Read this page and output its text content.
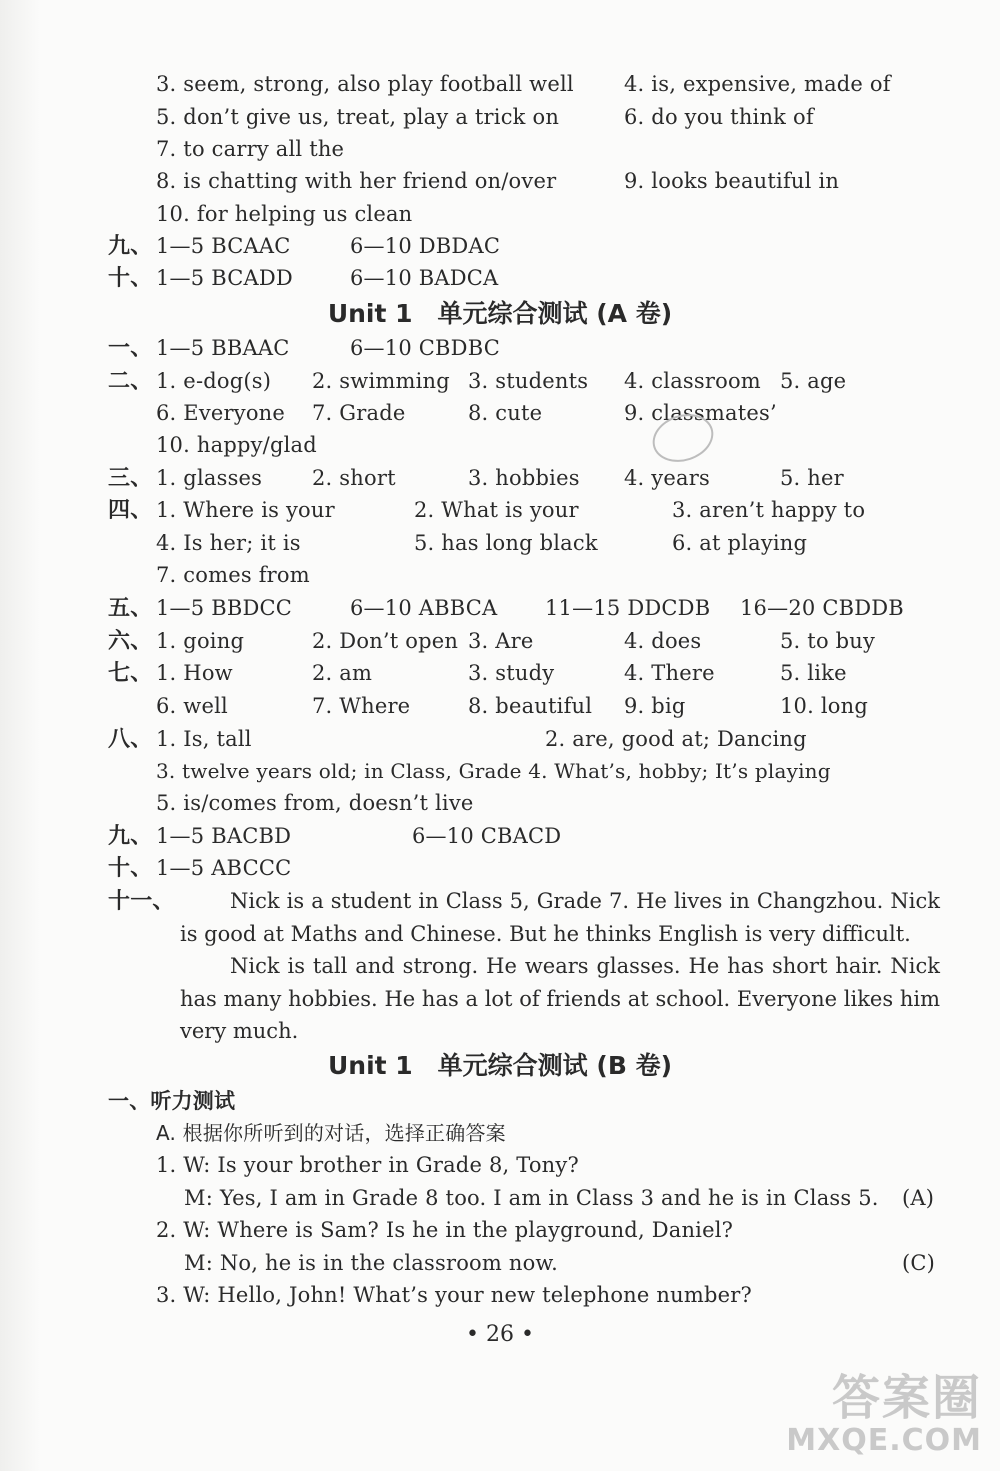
3. seem, strong, also play football well 4. is, expensive, made of
5. don’t give us, treat, play a trick on	6. do you think of
7. to carry all the
8. is chatting with her friend on/over	9. looks beautiful in
10. for helping us clean
九、 1—5 BCAAC	6—10 DBDAC
十、 1—5 BCADD	6—10 BADCA
Unit 1　单元综合测试 (A 卷)
一、 1—5 BBAAC	6—10 CBDBC
二、 1. e-dog(s) 2. swimming 3. students 4. classroom 5. age
6. Everyone 7. Grade	8. cute	9. classmates’
10. happy/glad
三、 1. glasses 2. short	3. hobbies 4. years	5. her
四、 1. Where is your	2. What is your	3. aren’t happy to
4. Is her; it is	5. has long black	6. at playing
7. comes from
五、 1—5 BBDCC	6—10 ABBCA 11—15 DDCDB 16—20 CBDDB
六、 1. going	2. Don’t open 3. Are	4. does	5. to buy
七、 1. How	2. am	3. study	4. There	5. like
6. well	7. Where	8. beautiful 9. big	10. long
八、 1. Is, tall	2. are, good at; Dancing
3. twelve years old; in Class, Grade 4. What’s, hobby; It’s playing
5. is/comes from, doesn’t live
九、 1—5 BACBD	6—10 CBACD
十、 1—5 ABCCC
十一、	Nick is a student in Class 5, Grade 7. He lives in Changzhou. Nick is good at Maths and Chinese. But he thinks English is very difficult.

Nick is tall and strong. He wears glasses. He has short hair. Nick has many hobbies. He has a lot of friends at school. Everyone likes him very much.

Unit 1　单元综合测试 (B 卷)
一、听力测试
A. 根据你所听到的对话，选择正确答案
1. W: Is your brother in Grade 8, Tony?
M: Yes, I am in Grade 8 too. I am in Class 3 and he is in Class 5. (A)
2. W: Where is Sam? Is he in the playground, Daniel?
M: No, he is in the classroom now.	(C)
3. W: Hello, John! What’s your new telephone number?
• 26 •
答案圈
MXQE.COM
